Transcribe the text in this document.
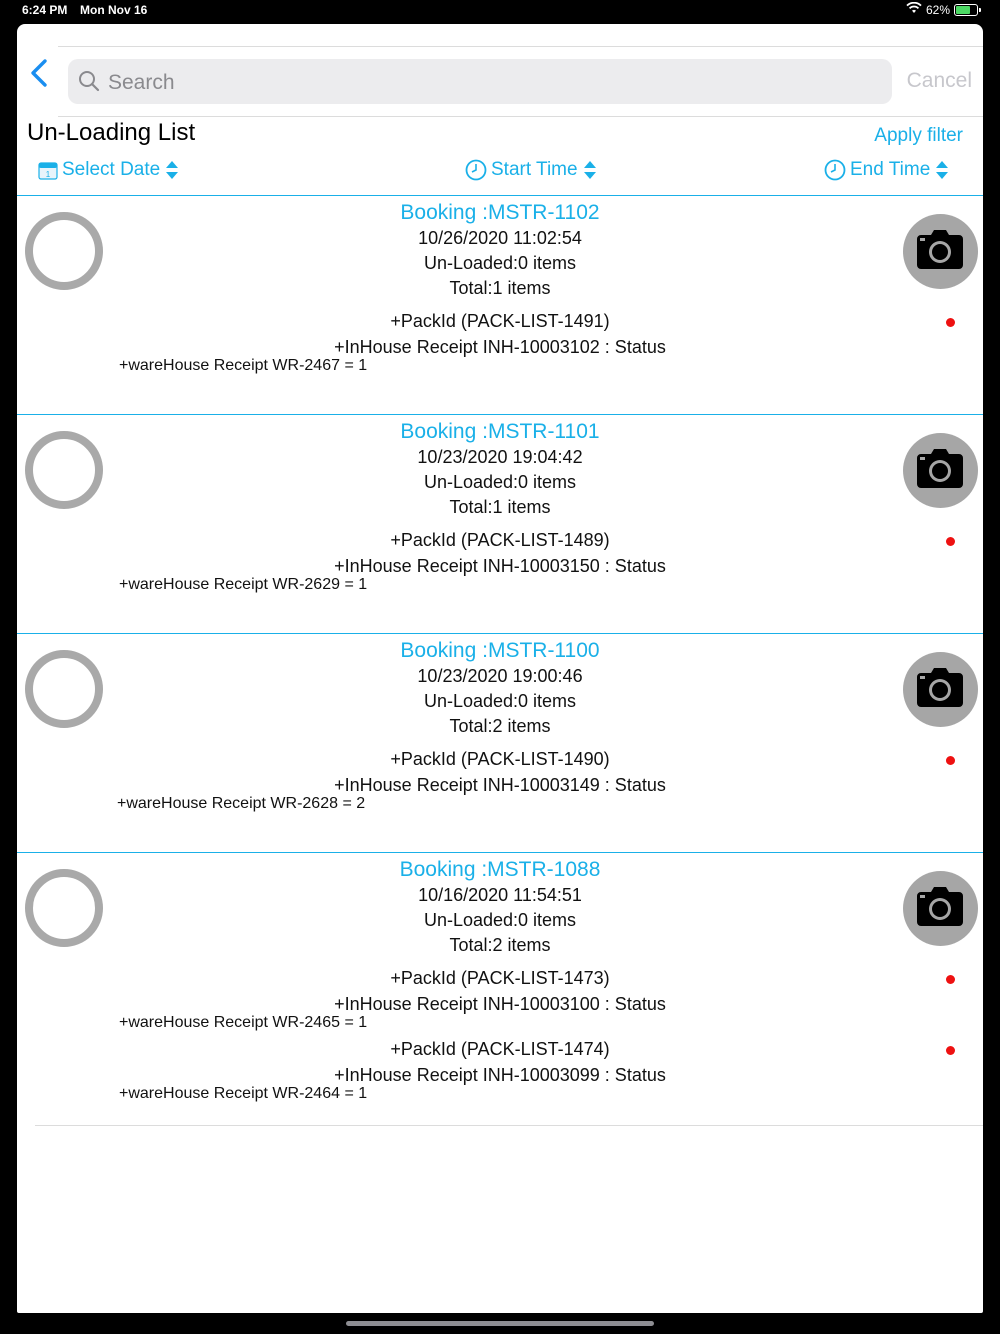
6:24 PM Mon Nov 16	62%
Search
Cancel
Un-Loading List	Apply filter
1 Select Date	Start Time	End Time
Booking :MSTR-1102
10/26/2020 11:02:54
Un-Loaded:0 items
Total:1 items
+PackId (PACK-LIST-1491)
+InHouse Receipt INH-10003102 : Status
+wareHouse Receipt WR-2467 = 1
Booking :MSTR-1101
10/23/2020 19:04:42
Un-Loaded:0 items
Total:1 items
+PackId (PACK-LIST-1489)
+InHouse Receipt INH-10003150 : Status
+wareHouse Receipt WR-2629 = 1
Booking :MSTR-1100
10/23/2020 19:00:46
Un-Loaded:0 items
Total:2 items
+PackId (PACK-LIST-1490)
+InHouse Receipt INH-10003149 : Status
+wareHouse Receipt WR-2628 = 2
Booking :MSTR-1088
10/16/2020 11:54:51
Un-Loaded:0 items
Total:2 items
+PackId (PACK-LIST-1473)
+InHouse Receipt INH-10003100 : Status
+wareHouse Receipt WR-2465 = 1
+PackId (PACK-LIST-1474)
+InHouse Receipt INH-10003099 : Status
+wareHouse Receipt WR-2464 = 1
